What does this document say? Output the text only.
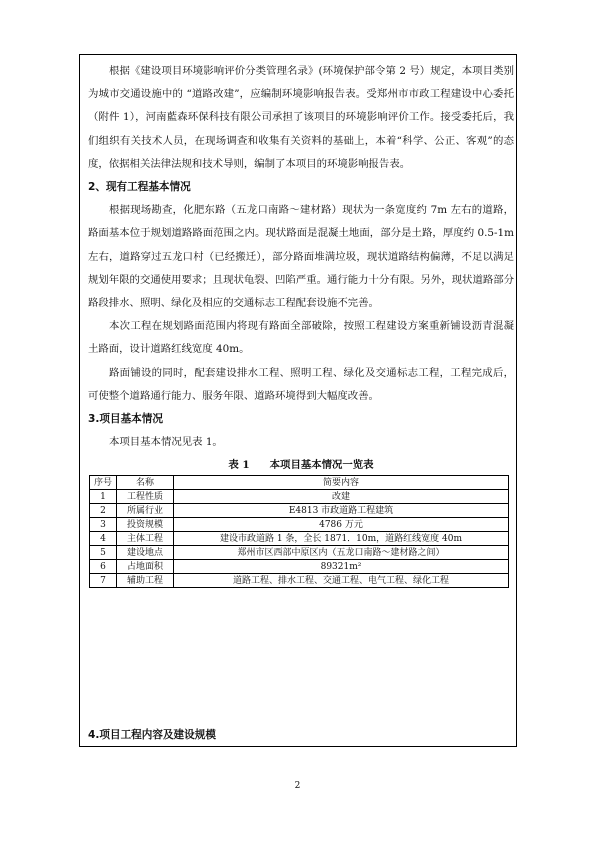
根据《建设项目环境影响评价分类管理名录》(环境保护部令第 2 号）规定，本项目类别为城市交通设施中的 “道路改建”，应编制环境影响报告表。受郑州市市政工程建设中心委托（附件 1），河南藍森环保科技有限公司承担了该项目的环境影响评价工作。接受委托后，我们组织有关技术人员，在现场调查和收集有关资料的基础上，本着“科学、公正、客观”的态度，依据相关法律法规和技术导则，编制了本项目的环境影响报告表。

2、现有工程基本情况

根据现场勘查，化肥东路（五龙口南路～建材路）现状为一条宽度约 7m 左右的道路，路面基本位于规划道路路面范围之内。现状路面是混凝土地面，部分是土路，厚度约 0.5-1m 左右，道路穿过五龙口村（已经搬迁），部分路面堆满垃圾，现状道路结构偏薄，不足以满足规划年限的交通使用要求；且现状龟裂、凹陷严重。通行能力十分有限。另外，现状道路部分路段排水、照明、绿化及相应的交通标志工程配套设施不完善。

本次工程在规划路面范围内将现有路面全部破除，按照工程建设方案重新铺设沥青混凝土路面，设计道路红线宽度 40m。

路面铺设的同时，配套建设排水工程、照明工程、绿化及交通标志工程，工程完成后，可使整个道路通行能力、服务年限、道路环境得到大幅度改善。

3.项目基本情况

本项目基本情况见表 1。

表 1 本项目基本情况一览表
序号	名称	简要内容
1	工程性质	改建
2	所属行业	E4813 市政道路工程建筑
3	投资规模	4786 万元
4	主体工程	建设市政道路 1 条，全长 1871．10m，道路红线宽度 40m
5	建设地点	郑州市区西部中原区内（五龙口南路～建材路之间）
6	占地面积	89321m²
7	辅助工程	道路工程、排水工程、交通工程、电气工程、绿化工程
4.项目工程内容及建设规模
2
